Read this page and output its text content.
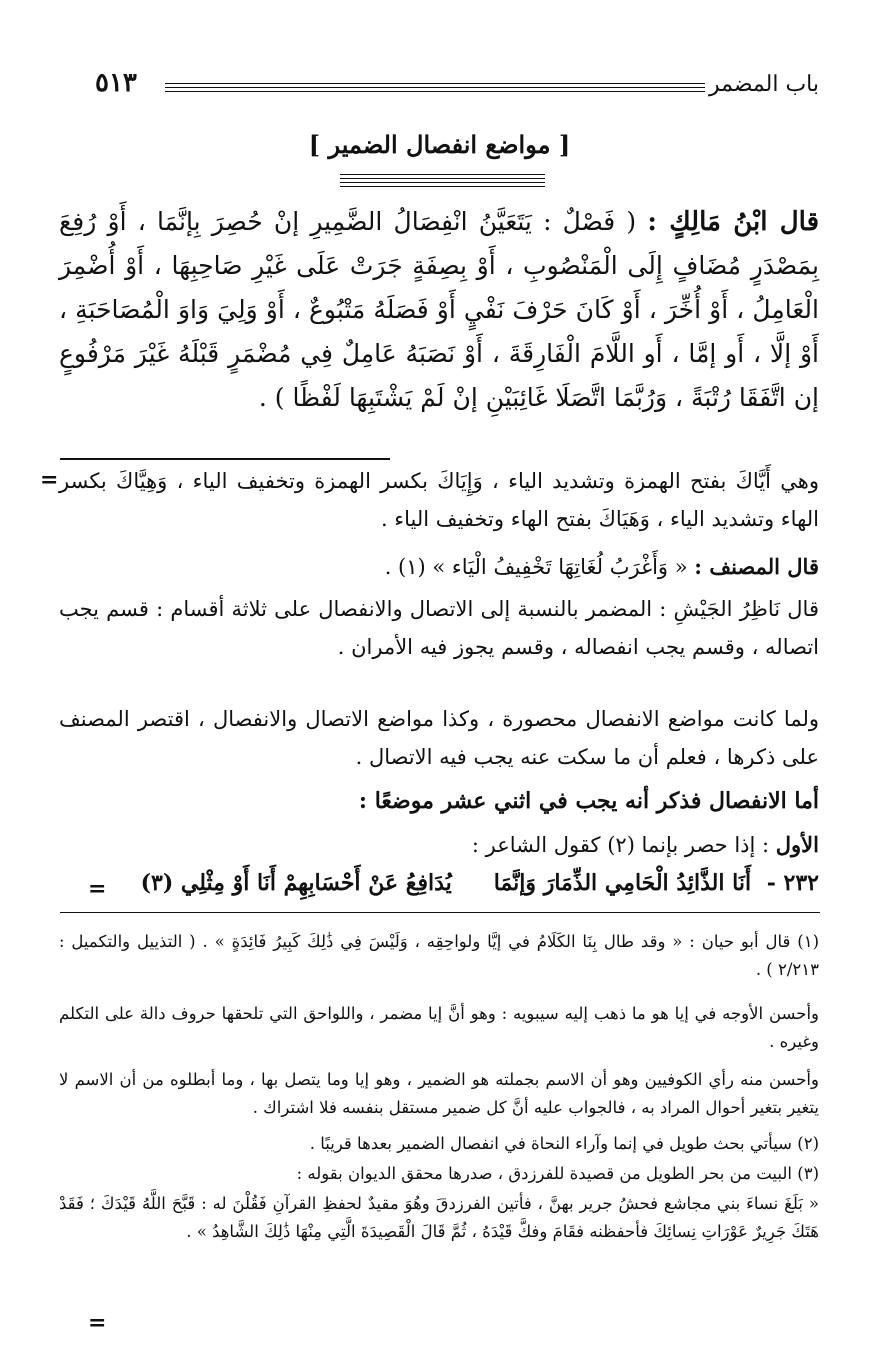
باب المضمر
٥١٣
[ مواضع انفصال الضمير ]
قال ابْنُ مَالِكٍ : ( فَصْلٌ : يَتَعَيَّنُ انْفِصَالُ الضَّمِيرِ إنْ حُصِرَ بِإنَّمَا ، أَوْ رُفِعَ بِمَصْدَرٍ مُضَافٍ إِلَى الْمَنْصُوبِ ، أَوْ بِصِفَةٍ جَرَتْ عَلَى غَيْرِ صَاحِبِهَا ، أَوْ أُضْمِرَ الْعَامِلُ ، أَوْ أُخِّرَ ، أَوْ كَانَ حَرْفَ نَفْيٍ أَوْ فَصَلَهُ مَتْبُوعٌ ، أَوْ وَلِيَ وَاوَ الْمُصَاحَبَةِ ، أَوْ إلَّا ، أَو إمَّا ، أَو اللَّامَ الْفَارِقَةَ ، أَوْ نَصَبَهُ عَامِلٌ فِي مُضْمَرٍ قَبْلَهُ غَيْرَ مَرْفُوعٍ إن اتَّفَقَا رُتْبَةً ، وَرُبَّمَا اتَّصَلَا غَائِبَيْنِ إنْ لَمْ يَشْتَبِهَا لَفْظًا ) .
= وهي أَيَّاكَ بفتح الهمزة وتشديد الياء ، وَإِيَاكَ بكسر الهمزة وتخفيف الياء ، وَهِيَّاكَ بكسر الهاء وتشديد الياء ، وَهَيَاكَ بفتح الهاء وتخفيف الياء .
قال المصنف : « وَأَغْرَبُ لُغَاتِهَا تَخْفِيفُ الْيَاء » (١) .
قال نَاظِرُ الجَيْشِ : المضمر بالنسبة إلى الاتصال والانفصال على ثلاثة أقسام : قسم يجب اتصاله ، وقسم يجب انفصاله ، وقسم يجوز فيه الأمران .
ولما كانت مواضع الانفصال محصورة ، وكذا مواضع الاتصال والانفصال ، اقتصر المصنف على ذكرها ، فعلم أن ما سكت عنه يجب فيه الاتصال .
أما الانفصال فذكر أنه يجب في اثني عشر موضعًا :
الأول : إذا حصر بإنما (٢) كقول الشاعر :
٢٣٢ - أَنَا الذَّائِدُ الْحَامِي الذِّمَارَ وَإنَّمَا
يُدَافِعُ عَنْ أَحْسَابِهِمْ أَنَا أَوْ مِثْلِي (٣)
=
(١) قال أبو حيان : « وقد طال بِنَا الكَلَامُ في إيَّا ولواحِقِه ، وَلَيْسَ فِي ذَٰلِكَ كَبِيرُ فَائِدَةٍ » . ( التذييل والتكميل : ٢/٢١٣ ) .
وأحسن الأوجه في إيا هو ما ذهب إليه سيبويه : وهو أنَّ إيا مضمر ، واللواحق التي تلحقها حروف دالة على التكلم وغيره .
وأحسن منه رأي الكوفيين وهو أن الاسم بجملته هو الضمير ، وهو إيا وما يتصل بها ، وما أبطلوه من أن الاسم لا يتغير بتغير أحوال المراد به ، فالجواب عليه أنَّ كل ضمير مستقل بنفسه فلا اشتراك .
(٢) سيأتي بحث طويل في إنما وآراء النحاة في انفصال الضمير بعدها قريبًا .
(٣) البيت من بحر الطويل من قصيدة للفرزدق ، صدرها محقق الديوان بقوله :
« بَلَغَ نساءَ بني مجاشع فحشُ جرير بهنَّ ، فأتين الفرزدقَ وهُوَ مقيدٌ لحفظِ القرآنِ فَقُلْنَ له : قَبَّحَ اللَّهُ قَيْدَكَ ؛ فَقَدْ هَتَكَ جَرِيرٌ عَوْرَاتِ نِسائِكَ فأحفظنه فقَامَ وفكَّ قَيْدَهُ ، ثُمَّ قَالَ الْقَصِيدَةَ الَّتِي مِنْهَا ذَٰلِكَ الشَّاهِدُ » .
=
